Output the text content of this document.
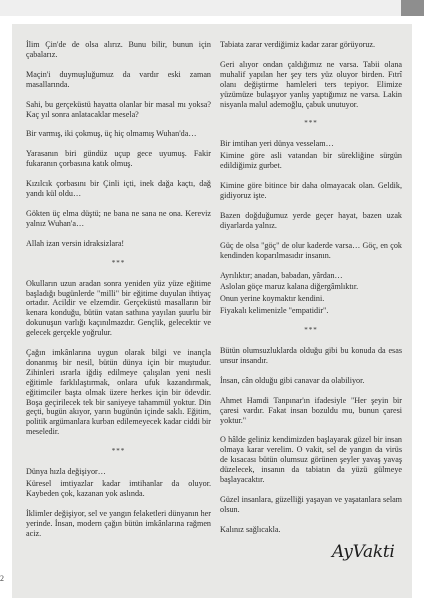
İlim Çin'de de olsa alırız. Bunu bilir, bunun için çabalarız.

Maçin'i duymuşluğumuz da vardır eski zaman masallarında.

Sahi, bu gerçeküstü hayatta olanlar bir masal mı yoksa? Kaç yıl sonra anlatacaklar mesela?

Bir varmış, iki çokmuş, üç hiç olmamış Wuhan'da…

Yarasanın biri gündüz uçup gece uyumuş. Fakir fukaranın çorbasına katık olmuş.

Kızılcık çorbasını bir Çinli içti, inek dağa kaçtı, dağ yandı kül oldu…

Gökten üç elma düştü; ne bana ne sana ne ona. Kereviz yalnız Wuhan'a…

Allah izan versin idraksizlara!

***

Okulların uzun aradan sonra yeniden yüz yüze eğitime başladığı bugünlerde "milli" bir eğitime duyulan ihtiyaç ortadır. Acildir ve elzemdir. Gerçeküstü masalların bir kenara konduğu, bütün vatan sathına yayılan şuurlu bir dokunuşun varlığı kaçınılmazdır. Gençlik, gelecektir ve gelecek gerçekle yoğrulur.

Çağın imkânlarına uygun olarak bilgi ve inançla donanmış bir nesil, bütün dünya için bir muştudur. Zihinleri ısrarla iğdiş edilmeye çalışılan yeni nesli eğitimle farklılaştırmak, onlara ufuk kazandırmak, eğitimciler başta olmak üzere herkes için bir ödevdir. Boşa geçirilecek tek bir saniyeye tahammül yoktur. Din geçti, bugün akıyor, yarın bugünün içinde saklı. Eğitim, politik argümanlara kurban edilemeyecek kadar ciddi bir meseledir.

***

Dünya hızla değişiyor…

Küresel imtiyazlar kadar imtihanlar da oluyor. Kaybeden çok, kazanan yok aslında.

İklimler değişiyor, sel ve yangın felaketleri dünyanın her yerinde. İnsan, modern çağın bütün imkânlarına rağmen aciz.

Tabiata zarar verdiğimiz kadar zarar görüyoruz.

Geri alıyor ondan çaldığımız ne varsa. Tabii olana muhalif yapılan her şey ters yüz oluyor birden. Fıtrî olanı değiştirme hamleleri ters tepiyor. Elimize yüzümüze bulaşıyor yanlış yaptığımız ne varsa. Lakin nisyanla malul ademoğlu, çabuk unutuyor.

***

Bir imtihan yeri dünya vesselam…

Kimine göre asli vatandan bir sürekliğine sürgün edildiğimiz gurbet.

Kimine göre bitince bir daha olmayacak olan. Geldik, gidiyoruz işte.

Bazen doğduğumuz yerde geçer hayat, bazen uzak diyarlarda yalnız.

Güç de olsa "göç" de olur kaderde varsa… Göç, en çok kendinden koparılmasıdır insanın.

Ayrılıktır; anadan, babadan, yârdan…

Aslolan göçe maruz kalana diğergâmlıktır.

Onun yerine koymaktır kendini.

Fiyakalı kelimenizle "empatidir".

***

Bütün olumsuzluklarda olduğu gibi bu konuda da esas unsur insandır.

İnsan, cân olduğu gibi canavar da olabiliyor.

Ahmet Hamdi Tanpınar'ın ifadesiyle "Her şeyin bir çaresi vardır. Fakat insan bozuldu mu, bunun çaresi yoktur."

O hâlde geliniz kendimizden başlayarak güzel bir insan olmaya karar verelim. O vakit, sel de yangın da virüs de kısacası bütün olumsuz görünen şeyler yavaş yavaş düzelecek, insanın da tabiatın da yüzü gülmeye başlayacaktır.

Güzel insanlara, güzelliği yaşayan ve yaşatanlara selam olsun.

Kalınız sağlıcakla.

AyVakti
2
